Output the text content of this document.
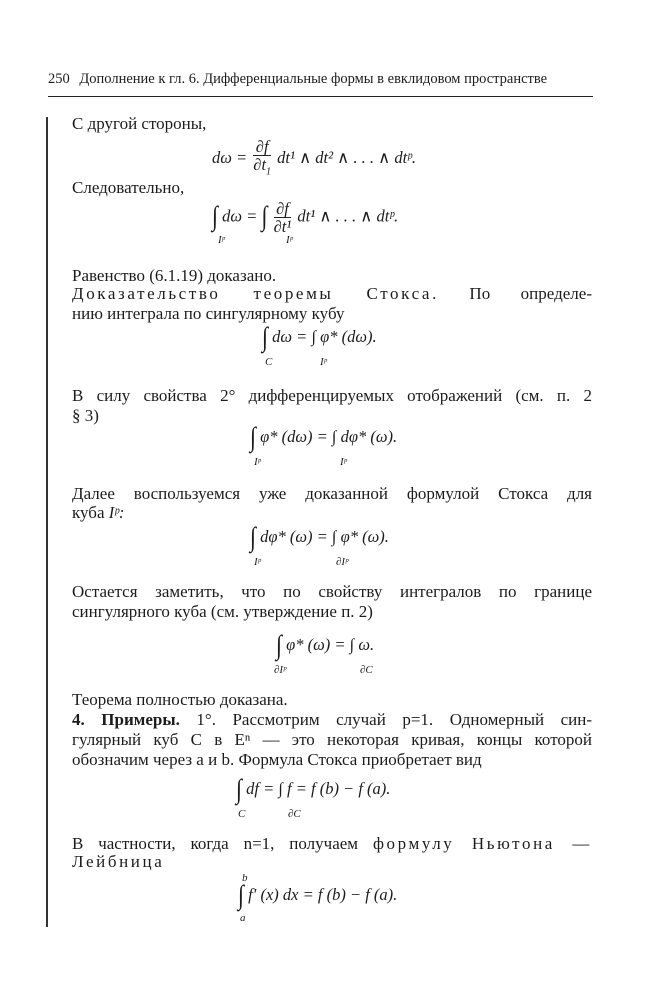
250 Дополнение к гл. 6. Дифференциальные формы в евклидовом пространстве
С другой стороны,
$d\omega = \frac{\partial f}{\partial t_1} dt^1$ ∧ dt² ∧ . . . ∧ dtᵖ.
Следовательно,
∫
Iᵖ
dω = ∫
Iᵖ

$\frac{\partial f}{\text{∂t¹}} dt^1$ ∧ . . . ∧ dtᵖ.
Равенство (6.1.19) доказано.
Доказательство теоремы Стокса. По определе-
нию интеграла по сингулярному кубу
∫
C
dω = ∫ φ* (dω).
Iᵖ
В силу свойства 2° дифференцируемых отображений (см. п. 2
§ 3)
∫
Iᵖ
φ* (dω) = ∫ dφ* (ω).
Iᵖ
Далее воспользуемся уже доказанной формулой Стокса для
куба Iᵖ:
∫
Iᵖ
dφ* (ω) = ∫ φ* (ω).
∂Iᵖ
Остается заметить, что по свойству интегралов по границе
сингулярного куба (см. утверждение п. 2)
∫
∂Iᵖ
φ* (ω) = ∫ ω.
∂C
Теорема полностью доказана.
4. Примеры. 1°. Рассмотрим случай p=1. Одномерный син-
гулярный куб C в Eⁿ — это некоторая кривая, концы которой
обозначим через a и b. Формула Стокса приобретает вид
∫
C
df = ∫ f = f (b) − f (a).
∂C
В частности, когда n=1, получаем формулу Ньютона —
Лейбница
b
∫ f′ (x) dx = f (b) − f (a).
a
